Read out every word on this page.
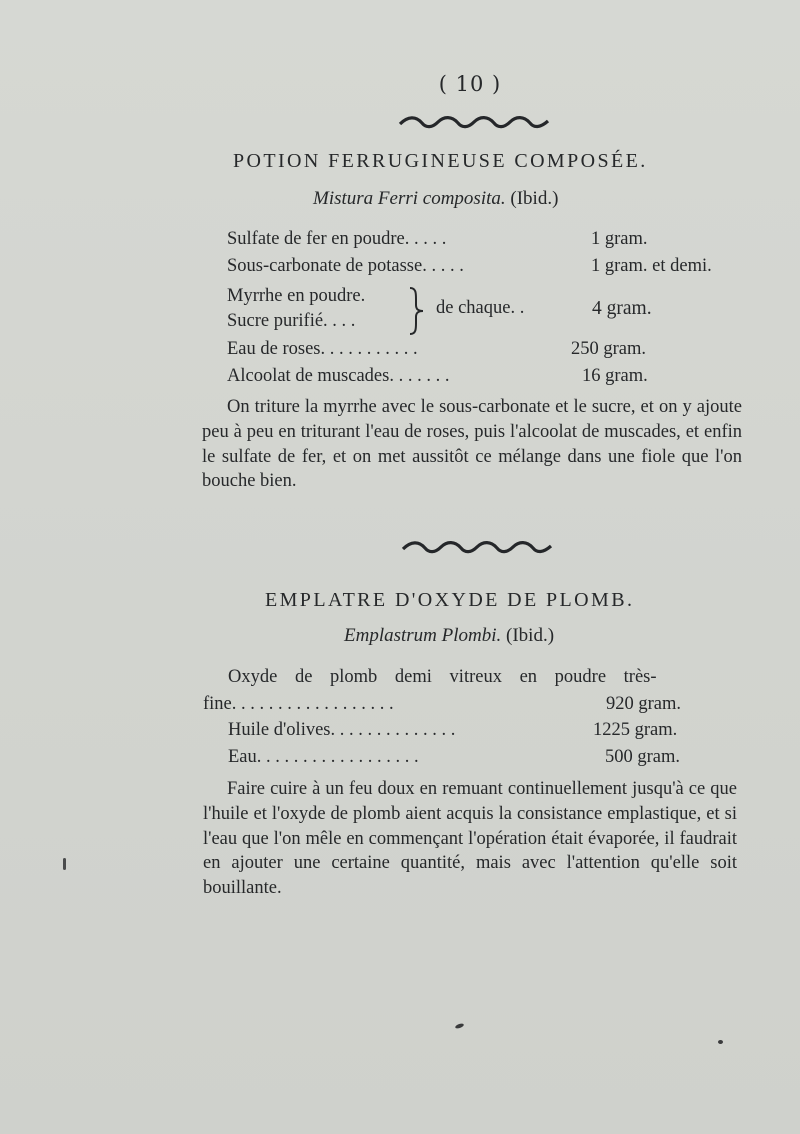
( 10 )
POTION FERRUGINEUSE COMPOSÉE.
Mistura Ferri composita. (Ibid.)
Sulfate de fer en poudre. . . . .	1 gram.
Sous-carbonate de potasse. . . . .	1 gram. et demi.
Myrrhe en poudre.
Sucre purifié. . . .
de chaque. .	4 gram.
Eau de roses. . . . . . . . . . .	250 gram.
Alcoolat de muscades. . . . . . .	16 gram.
On triture la myrrhe avec le sous-carbonate et le sucre, et on y ajoute peu à peu en triturant l'eau de roses, puis l'alcoolat de muscades, et enfin le sulfate de fer, et on met aussitôt ce mélange dans une fiole que l'on bouche bien.
EMPLATRE D'OXYDE DE PLOMB.
Emplastrum Plombi. (Ibid.)
Oxyde de plomb demi vitreux en poudre très-
fine. . . . . . . . . . . . . . . . . .	920 gram.
Huile d'olives. . . . . . . . . . . . . .	1225 gram.
Eau. . . . . . . . . . . . . . . . . .	500 gram.
Faire cuire à un feu doux en remuant continuellement jusqu'à ce que l'huile et l'oxyde de plomb aient acquis la consistance emplastique, et si l'eau que l'on mêle en commençant l'opération était évaporée, il faudrait en ajouter une certaine quantité, mais avec l'attention qu'elle soit bouillante.
